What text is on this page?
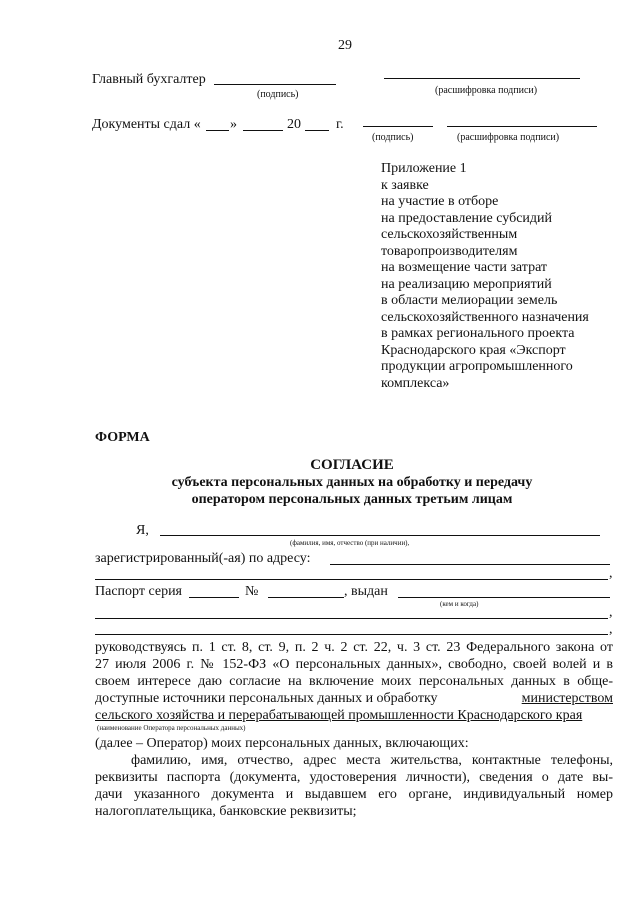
29
Главный бухгалтер
(подпись)	(расшифровка подписи)
Документы сдал « »	20	г.
(подпись)	(расшифровка подписи)
Приложение 1
к заявке
на участие в отборе
на предоставление субсидий
сельскохозяйственным
товаропроизводителям
на возмещение части затрат
на реализацию мероприятий
в области мелиорации земель
сельскохозяйственного назначения
в рамках регионального проекта
Краснодарского края «Экспорт
продукции агропромышленного
комплекса»
ФОРМА
СОГЛАСИЕ
субъекта персональных данных на обработку и передачу
оператором персональных данных третьим лицам
Я,
(фамилия, имя, отчество (при наличии),
зарегистрированный(-ая) по адресу:
,
Паспорт серия	№	, выдан
(кем и когда)
,
,
руководствуясь п. 1 ст. 8, ст. 9, п. 2 ч. 2 ст. 22, ч. 3 ст. 23 Федерального закона от
27 июля 2006 г. № 152-ФЗ «О персональных данных», свободно, своей волей и в
своем интересе даю согласие на включение моих персональных данных в обще-
доступные источники персональных данных и обработку	министерством
сельского хозяйства и перерабатывающей промышленности Краснодарского края
(наименование Оператора персональных данных)
(далее – Оператор) моих персональных данных, включающих:
фамилию, имя, отчество, адрес места жительства, контактные телефоны,
реквизиты паспорта (документа, удостоверения личности), сведения о дате вы-
дачи указанного документа и выдавшем его органе, индивидуальный номер
налогоплательщика, банковские реквизиты;
